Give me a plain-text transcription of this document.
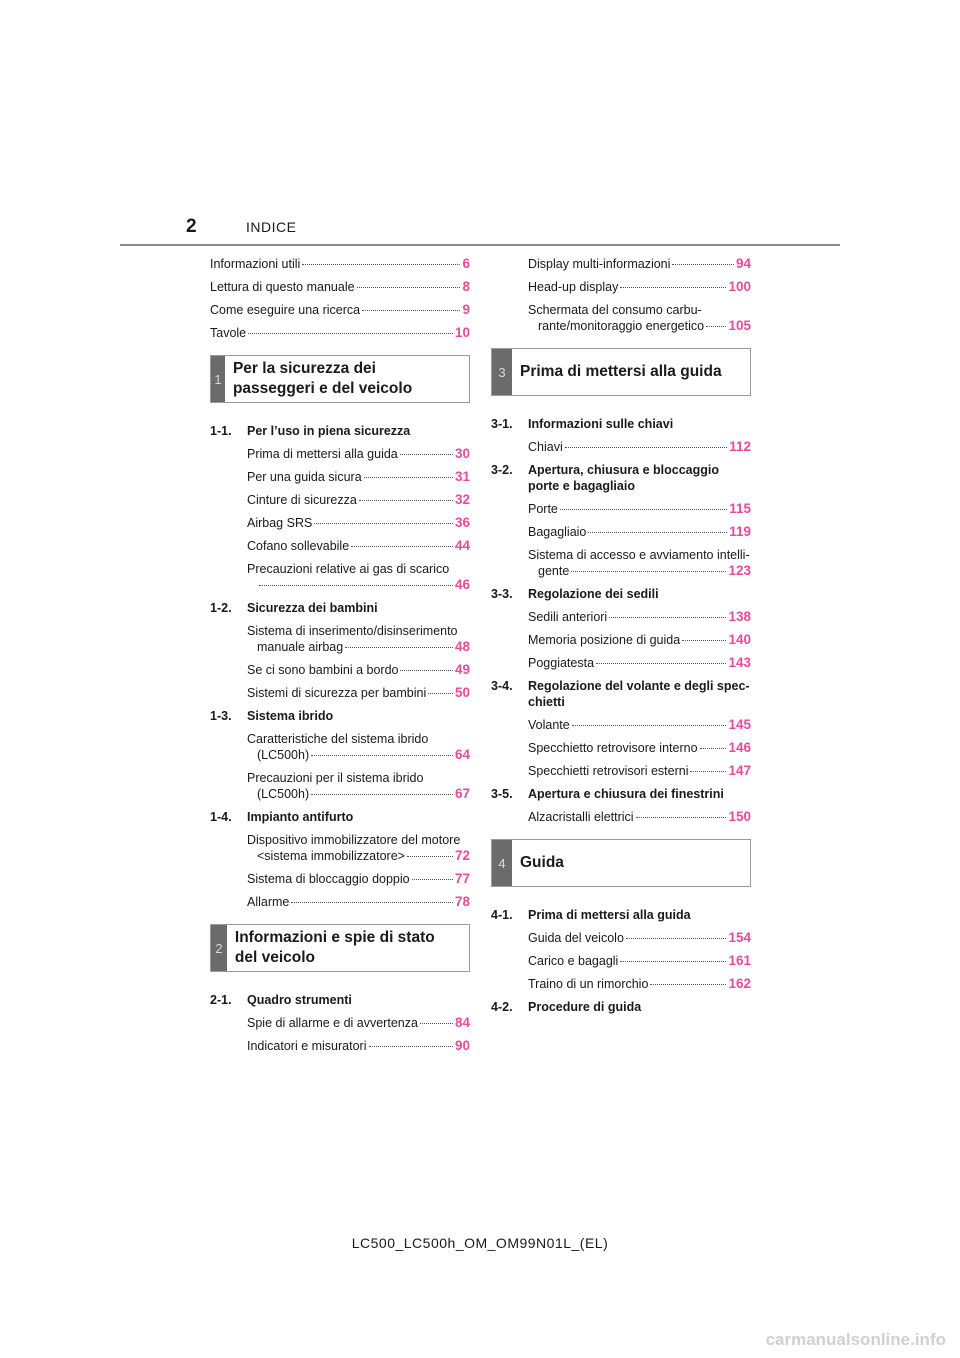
2	INDICE
Informazioni utili	6
Lettura di questo manuale	8
Come eseguire una ricerca	9
Tavole	10
1
Per la sicurezza dei passeggeri e del veicolo
1-1.	Per l’uso in piena sicurezza
Prima di mettersi alla guida	30
Per una guida sicura	31
Cinture di sicurezza	32
Airbag SRS	36
Cofano sollevabile	44
Precauzioni relative ai gas di scarico
46
1-2.	Sicurezza dei bambini
Sistema di inserimento/disinserimento
manuale airbag	48
Se ci sono bambini a bordo	49
Sistemi di sicurezza per bambini 50
1-3.	Sistema ibrido
Caratteristiche del sistema ibrido
(LC500h)	64
Precauzioni per il sistema ibrido
(LC500h)	67
1-4.	Impianto antifurto
Dispositivo immobilizzatore del motore
<sistema immobilizzatore>	72
Sistema di bloccaggio doppio	77
Allarme	78
2
Informazioni e spie di stato del veicolo
2-1.	Quadro strumenti
Spie di allarme e di avvertenza	84
Indicatori e misuratori	90
Display multi-informazioni	94
Head-up display	100
Schermata del consumo carbu-
rante/monitoraggio energetico 105
3 Prima di mettersi alla guida
3-1.	Informazioni sulle chiavi
Chiavi	112
3-2.	Apertura, chiusura e bloccaggio porte e bagagliaio
Porte	115
Bagagliaio	119
Sistema di accesso e avviamento intelli-
gente	123
3-3.	Regolazione dei sedili
Sedili anteriori	138
Memoria posizione di guida	140
Poggiatesta	143
3-4.	Regolazione del volante e degli spec-chietti
Volante	145
Specchietto retrovisore interno 146
Specchietti retrovisori esterni	147
3-5.	Apertura e chiusura dei finestrini
Alzacristalli elettrici	150
4 Guida
4-1.	Prima di mettersi alla guida
Guida del veicolo	154
Carico e bagagli	161
Traino di un rimorchio	162
4-2.	Procedure di guida
LC500_LC500h_OM_OM99N01L_(EL)
carmanualsonline.info
